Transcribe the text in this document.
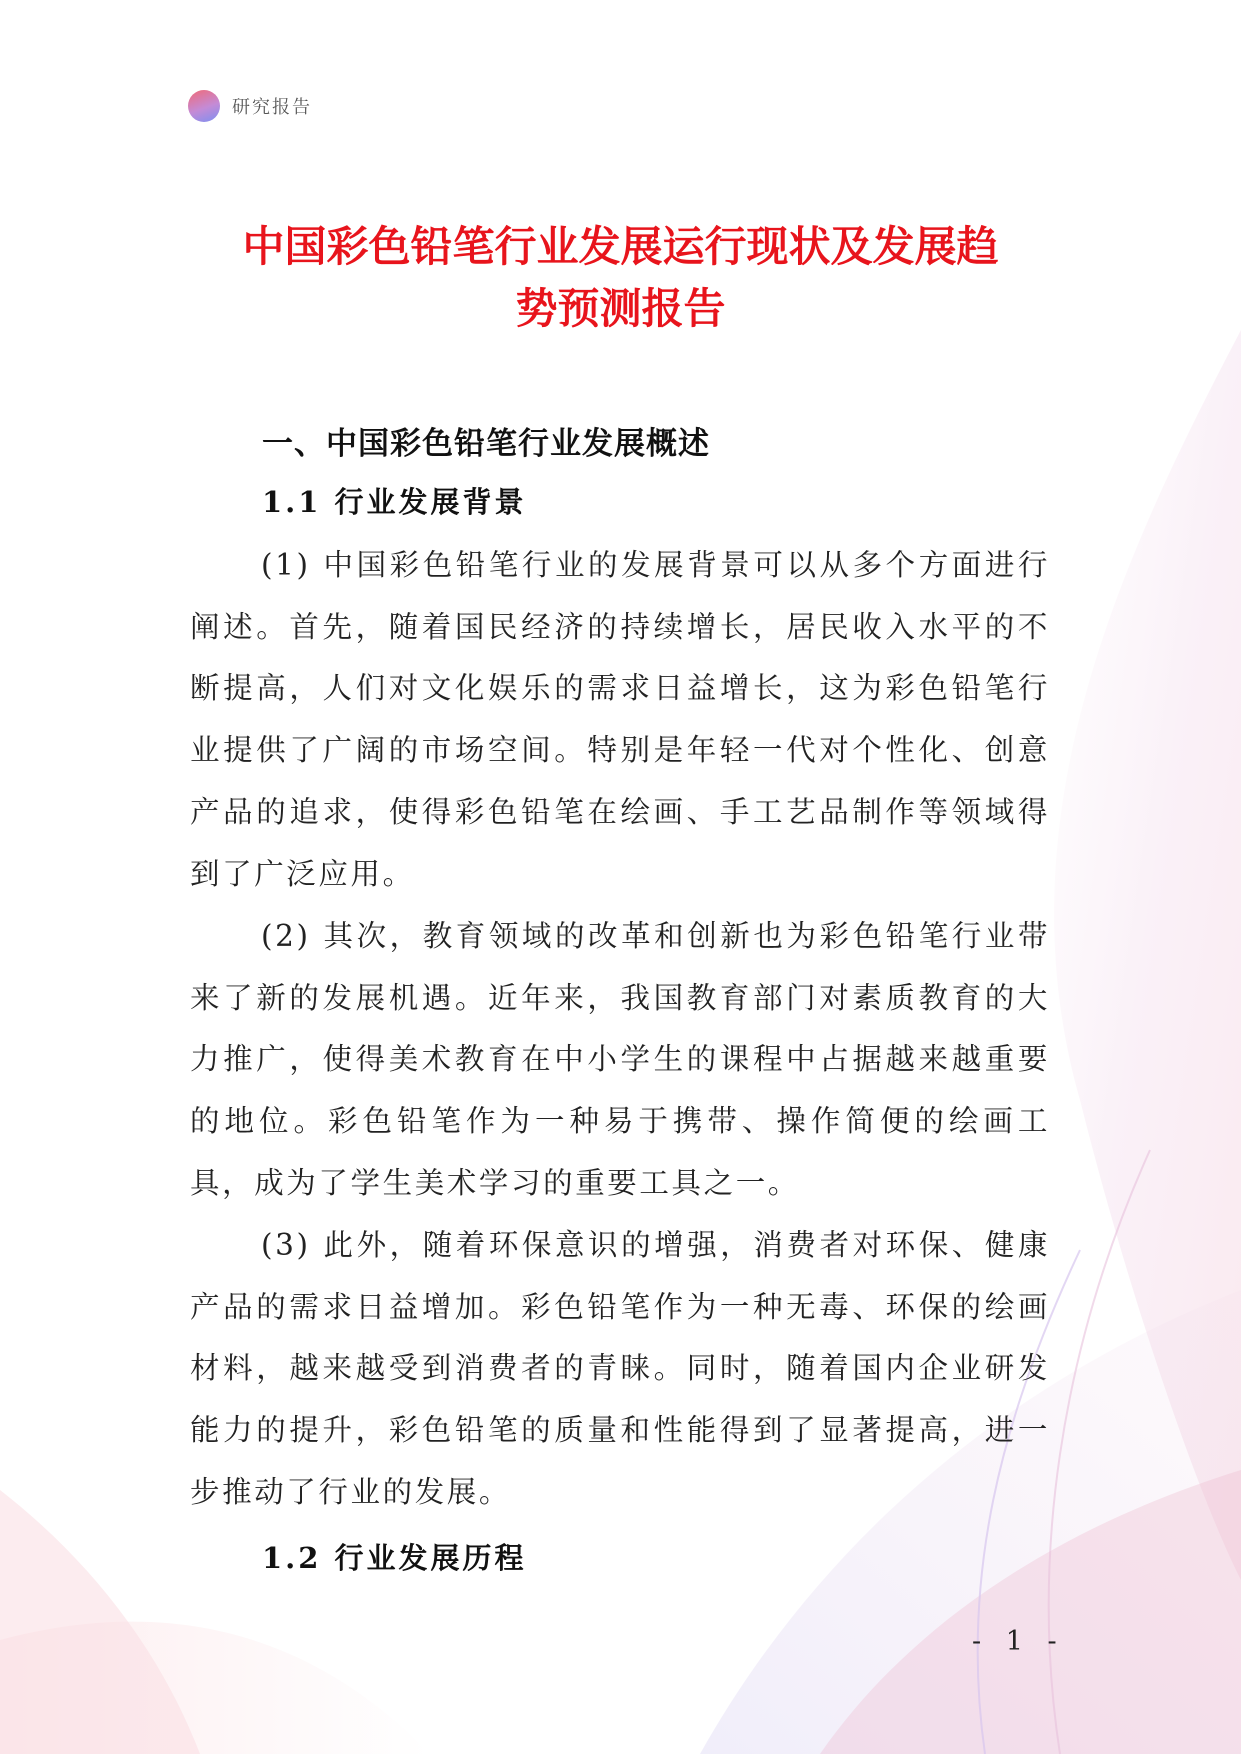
研究报告
中国彩色铅笔行业发展运行现状及发展趋
势预测报告
一、中国彩色铅笔行业发展概述
1.1 行业发展背景

(1) 中国彩色铅笔行业的发展背景可以从多个方面进行阐述。首先，随着国民经济的持续增长，居民收入水平的不断提高，人们对文化娱乐的需求日益增长，这为彩色铅笔行业提供了广阔的市场空间。特别是年轻一代对个性化、创意产品的追求，使得彩色铅笔在绘画、手工艺品制作等领域得到了广泛应用。

(2) 其次，教育领域的改革和创新也为彩色铅笔行业带来了新的发展机遇。近年来，我国教育部门对素质教育的大力推广，使得美术教育在中小学生的课程中占据越来越重要的地位。彩色铅笔作为一种易于携带、操作简便的绘画工具，成为了学生美术学习的重要工具之一。

(3) 此外，随着环保意识的增强，消费者对环保、健康产品的需求日益增加。彩色铅笔作为一种无毒、环保的绘画材料，越来越受到消费者的青睐。同时，随着国内企业研发能力的提升，彩色铅笔的质量和性能得到了显著提高，进一步推动了行业的发展。

1.2 行业发展历程
- 1 -
